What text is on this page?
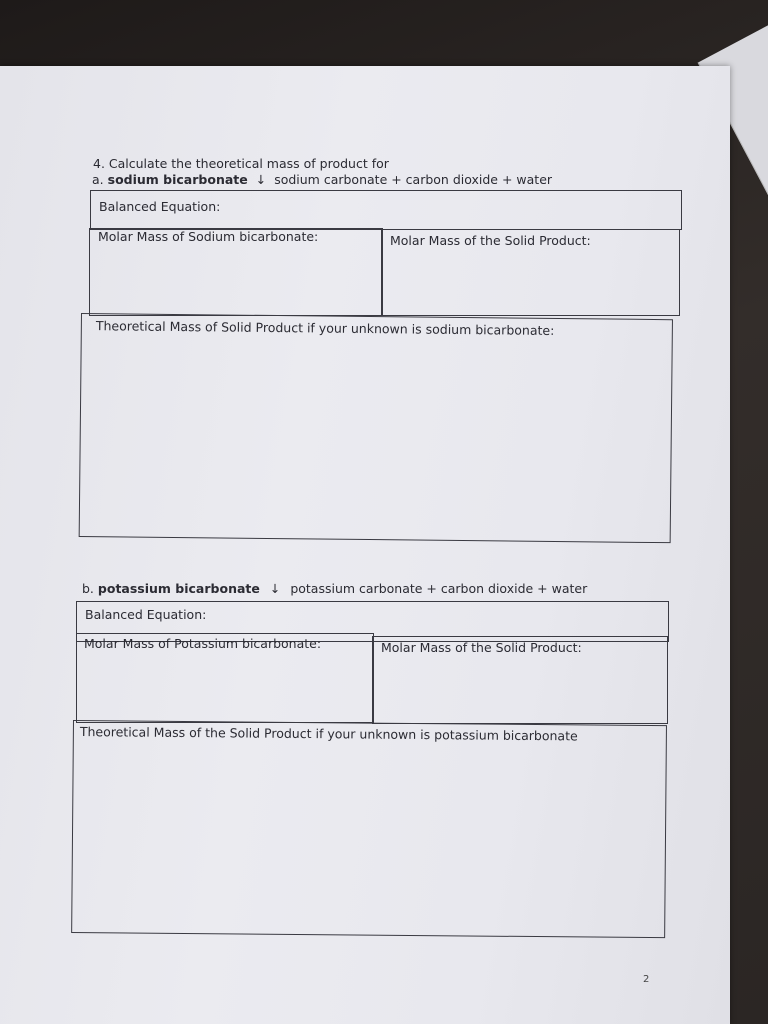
4. Calculate the theoretical mass of product for
a. sodium bicarbonate ↓ sodium carbonate + carbon dioxide + water
Balanced Equation:
Molar Mass of Sodium bicarbonate:	Molar Mass of the Solid Product:
Theoretical Mass of Solid Product if your unknown is sodium bicarbonate:
b. potassium bicarbonate ↓ potassium carbonate + carbon dioxide + water
Balanced Equation:
Molar Mass of Potassium bicarbonate:	Molar Mass of the Solid Product:
Theoretical Mass of the Solid Product if your unknown is potassium bicarbonate
2
